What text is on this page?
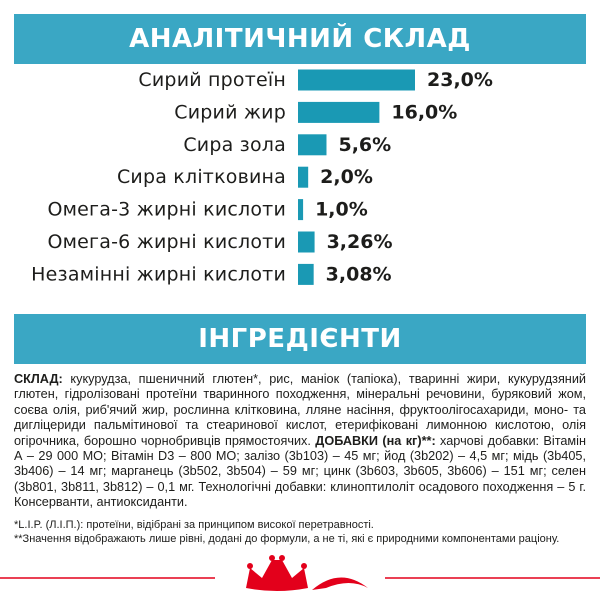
АНАЛІТИЧНИЙ СКЛАД
Сирий протеїн	23,0%
Сирий жир	16,0%
Сира зола	5,6%
Сира клітковина 2,0%
Омега-3 жирні кислоти 1,0%
Омега-6 жирні кислоти 3,26%
Незамінні жирні кислоти 3,08%
ІНГРЕДІЄНТИ
СКЛАД: кукурудза, пшеничний глютен*, рис, маніок (тапіока), тваринні жири, кукурудзяний глютен, гідролізовані протеїни тваринного походження, мінеральні речовини, буряковий жом, соєва олія, риб'ячий жир, рослинна клітковина, лляне насіння, фруктоолігосахариди, моно- та дигліцериди пальмітинової та стеаринової кислот, етерифіковані лимонною кислотою, олія огірочника, борошно чорнобривців прямостоячих. ДОБАВКИ (на кг)**: харчові добавки: Вітамін А – 29 000 МО; Вітамін D3 – 800 МО; залізо (3b103) – 45 мг; йод (3b202) – 4,5 мг; мідь (3b405, 3b406) – 14 мг; марганець (3b502, 3b504) – 59 мг; цинк (3b603, 3b605, 3b606) – 151 мг; селен (3b801, 3b811, 3b812) – 0,1 мг. Технологічні добавки: клиноптилоліт осадового походження – 5 г. Консерванти, антиоксиданти.
*L.I.P. (Л.І.П.): протеїни, відібрані за принципом високої перетравності.
**Значення відображають лише рівні, додані до формули, а не ті, які є природними компонентами раціону.
